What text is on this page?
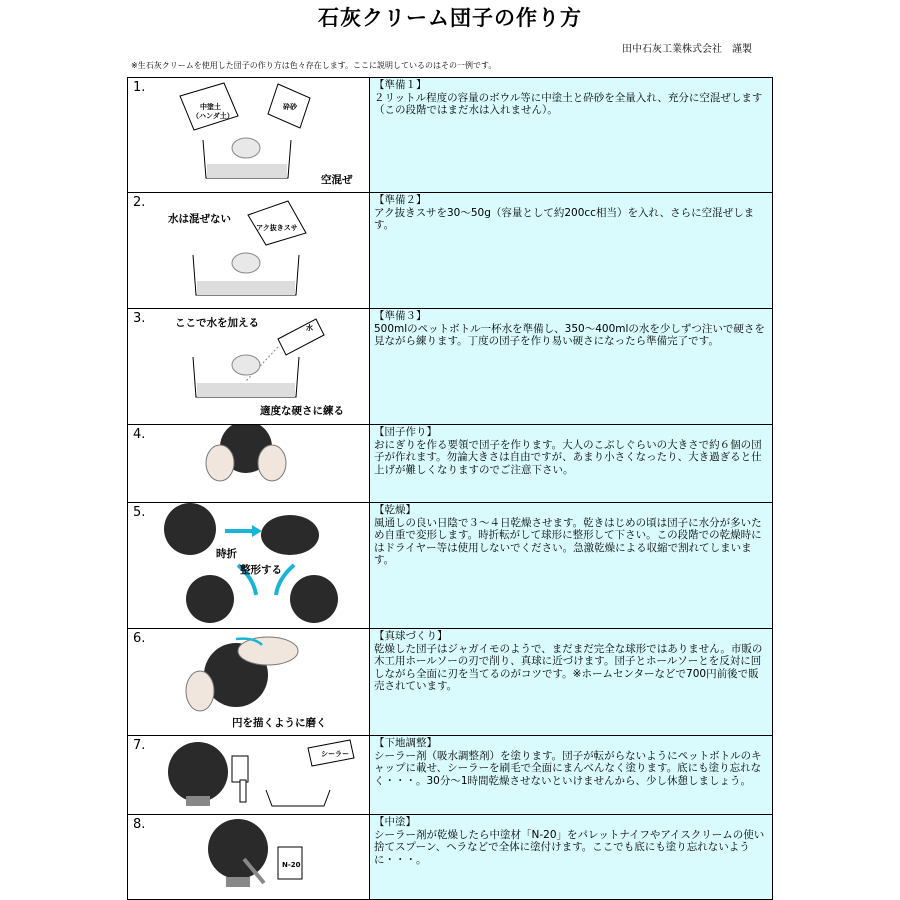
石灰クリーム団子の作り方
田中石灰工業株式会社　謹製
※生石灰クリームを使用した団子の作り方は色々存在します。ここに説明しているのはその一例です。
1.
中塗土
（ハンダ土）
砕砂
空混ぜ
【準備１】
２リットル程度の容量のボウル等に中塗土と砕砂を全量入れ、充分に空混ぜします（この段階ではまだ水は入れません）。
2.
アク抜きスサ
水は混ぜない
【準備２】
アク抜きスサを30～50g（容量として約200cc相当）を入れ、さらに空混ぜします。
3.
水
ここで水を加える
適度な硬さに練る
【準備３】
500mlのペットボトル一杯水を準備し、350～400mlの水を少しずつ注いで硬さを見ながら練ります。丁度の団子を作り易い硬さになったら準備完了です。
4.	【団子作り】
おにぎりを作る要領で団子を作ります。大人のこぶしぐらいの大きさで約６個の団子が作れます。勿論大きさは自由ですが、あまり小さくなったり、大き過ぎると仕上げが難しくなりますのでご注意下さい。
5.
時折
整形する
【乾燥】
風通しの良い日陰で３～４日乾燥させます。乾きはじめの頃は団子に水分が多いため自重で変形します。時折転がして球形に整形して下さい。この段階での乾燥時にはドライヤー等は使用しないでください。急激乾燥による収縮で割れてしまいます。
6.
円を描くように磨く
【真球づくり】
乾燥した団子はジャガイモのようで、まだまだ完全な球形ではありません。市販の木工用ホールソーの刃で削り、真球に近づけます。団子とホールソーとを反対に回しながら全面に刃を当てるのがコツです。※ホームセンターなどで700円前後で販売されています。
7.
シーラー
【下地調整】
シーラー剤（吸水調整剤）を塗ります。団子が転がらないようにペットボトルのキャップに載せ、シーラーを刷毛で全面にまんべんなく塗ります。底にも塗り忘れなく・・・。30分～1時間乾燥させないといけませんから、少し休憩しましょう。
8.
N-20
【中塗】
シーラー剤が乾燥したら中塗材「N-20」をパレットナイフやアイスクリームの使い捨てスプーン、ヘラなどで全体に塗付けます。ここでも底にも塗り忘れないように・・・。
